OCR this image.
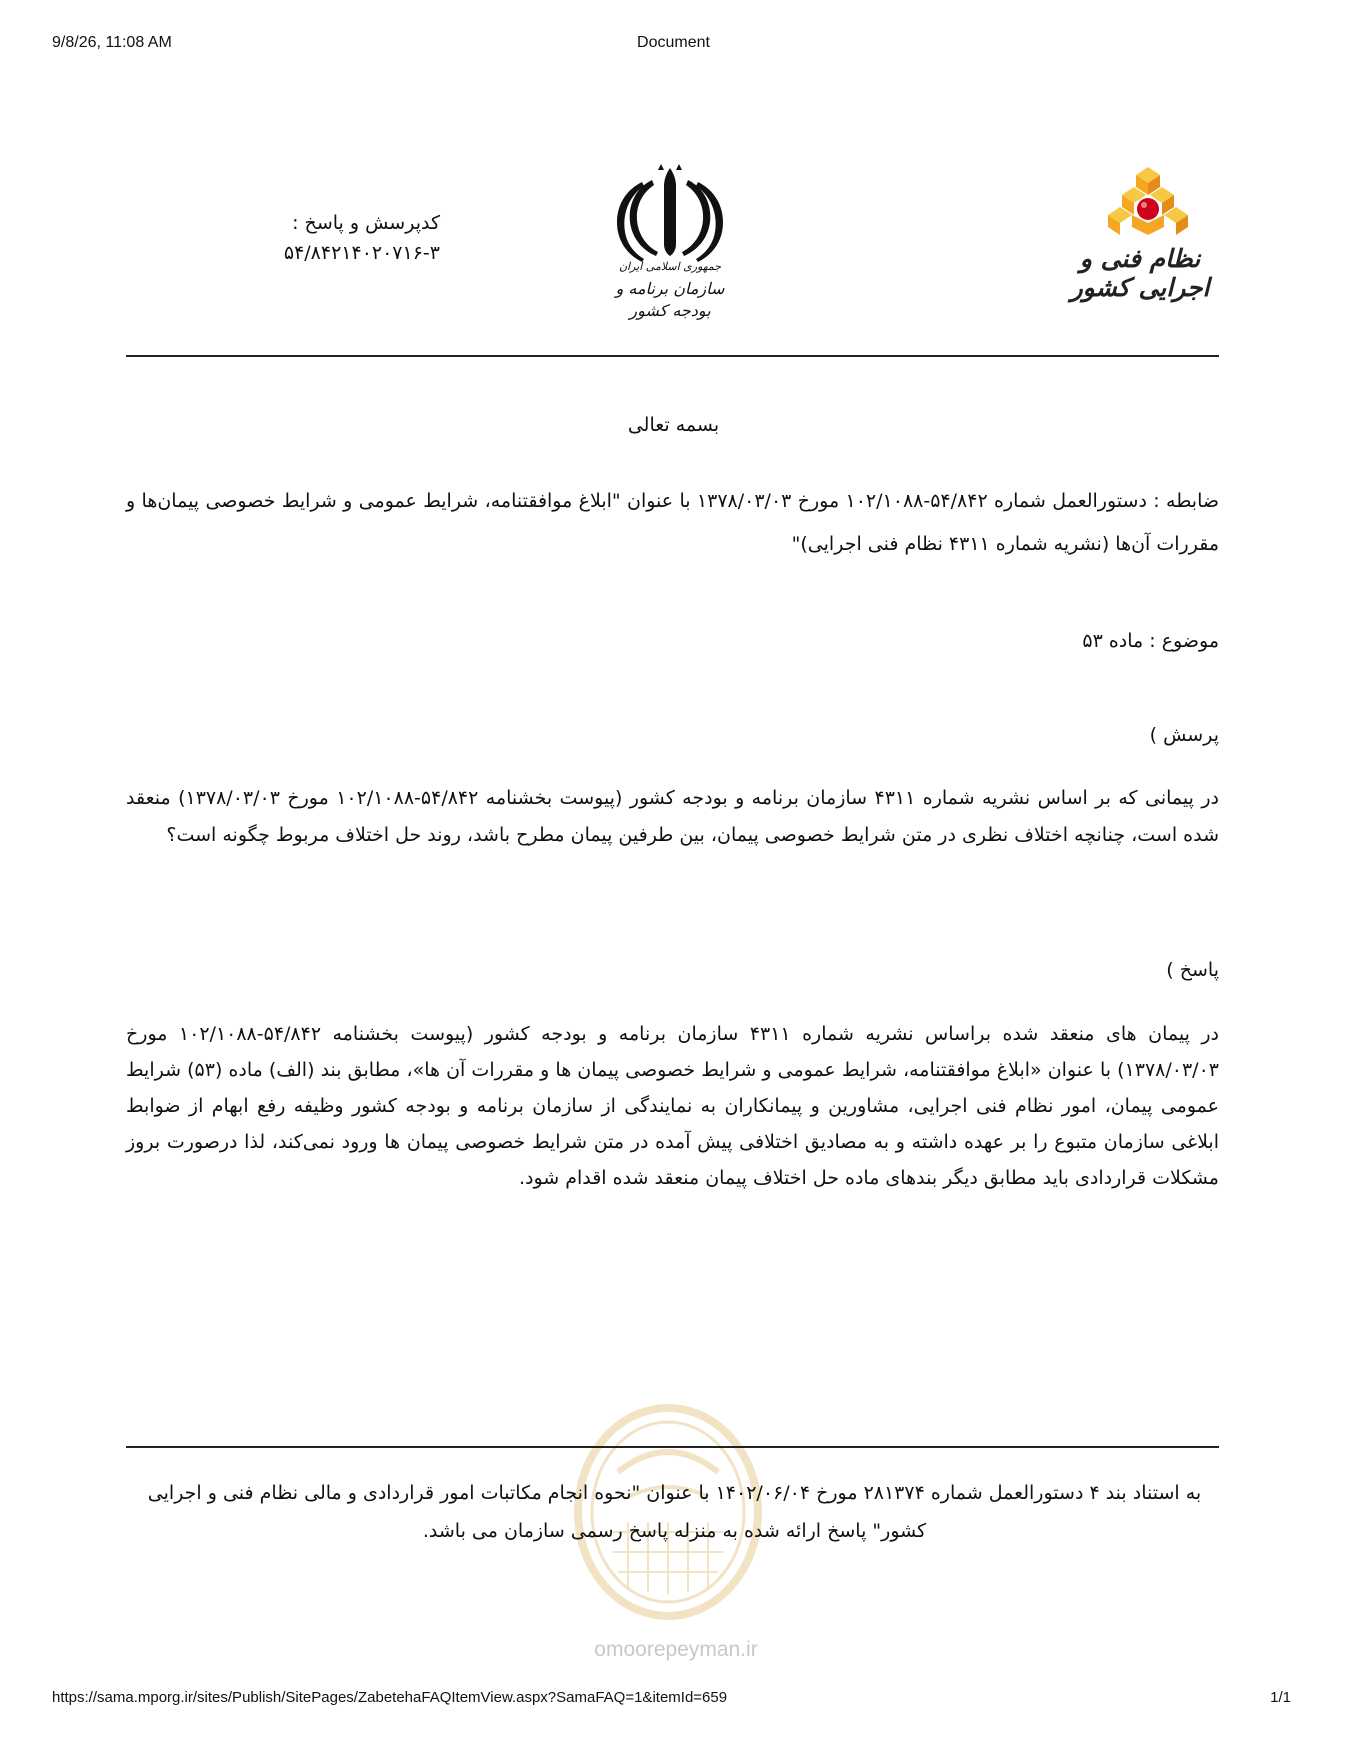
9/8/26, 11:08 AM	Document
کدپرسش و پاسخ :
۵۴/۸۴۲۱۴۰۲۰۷۱۶-۳
جمهوری اسلامی ایران
سازمان برنامه و بودجه کشور
نظام فنی و اجرایی کشور
بسمه تعالی
ضابطه : دستورالعمل شماره ۵۴/۸۴۲-۱۰۲/۱۰۸۸ مورخ ۱۳۷۸/۰۳/۰۳ با عنوان "ابلاغ موافقتنامه، شرایط عمومی و شرایط خصوصی پیمان‌ها و مقررات آن‌ها (نشریه شماره ۴۳۱۱ نظام فنی اجرایی)"
موضوع : ماده ۵۳
پرسش )
در پیمانی که بر اساس نشریه شماره ۴۳۱۱ سازمان برنامه و بودجه کشور (پیوست بخشنامه ۵۴/۸۴۲-۱۰۲/۱۰۸۸ مورخ ۱۳۷۸/۰۳/۰۳) منعقد شده است، چنانچه اختلاف نظری در متن شرایط خصوصی پیمان، بین طرفین پیمان مطرح باشد، روند حل اختلاف مربوط چگونه است؟
پاسخ )
در پیمان های منعقد شده براساس نشریه شماره ۴۳۱۱ سازمان برنامه و بودجه کشور (پیوست بخشنامه ۵۴/۸۴۲-۱۰۲/۱۰۸۸ مورخ ۱۳۷۸/۰۳/۰۳) با عنوان «ابلاغ موافقتنامه، شرایط عمومی و شرایط خصوصی پیمان ها و مقررات آن ها»، مطابق بند (الف) ماده (۵۳) شرایط عمومی پیمان، امور نظام فنی اجرایی، مشاورین و پیمانکاران به نمایندگی از سازمان برنامه و بودجه کشور وظیفه رفع ابهام از ضوابط ابلاغی سازمان متبوع را بر عهده داشته و به مصادیق اختلافی پیش آمده در متن شرایط خصوصی پیمان ها ورود نمی‌کند، لذا درصورت بروز مشکلات قراردادی باید مطابق دیگر بندهای ماده حل اختلاف پیمان منعقد شده اقدام شود.
omoorepeyman.ir
به استناد بند ۴ دستورالعمل شماره ۲۸۱۳۷۴ مورخ ۱۴۰۲/۰۶/۰۴ با عنوان "نحوه انجام مکاتبات امور قراردادی و مالی نظام فنی و اجرایی کشور" پاسخ ارائه شده به منزله پاسخ رسمی سازمان می باشد.
https://sama.mporg.ir/sites/Publish/SitePages/ZabetehaFAQItemView.aspx?SamaFAQ=1&itemId=659	1/1
